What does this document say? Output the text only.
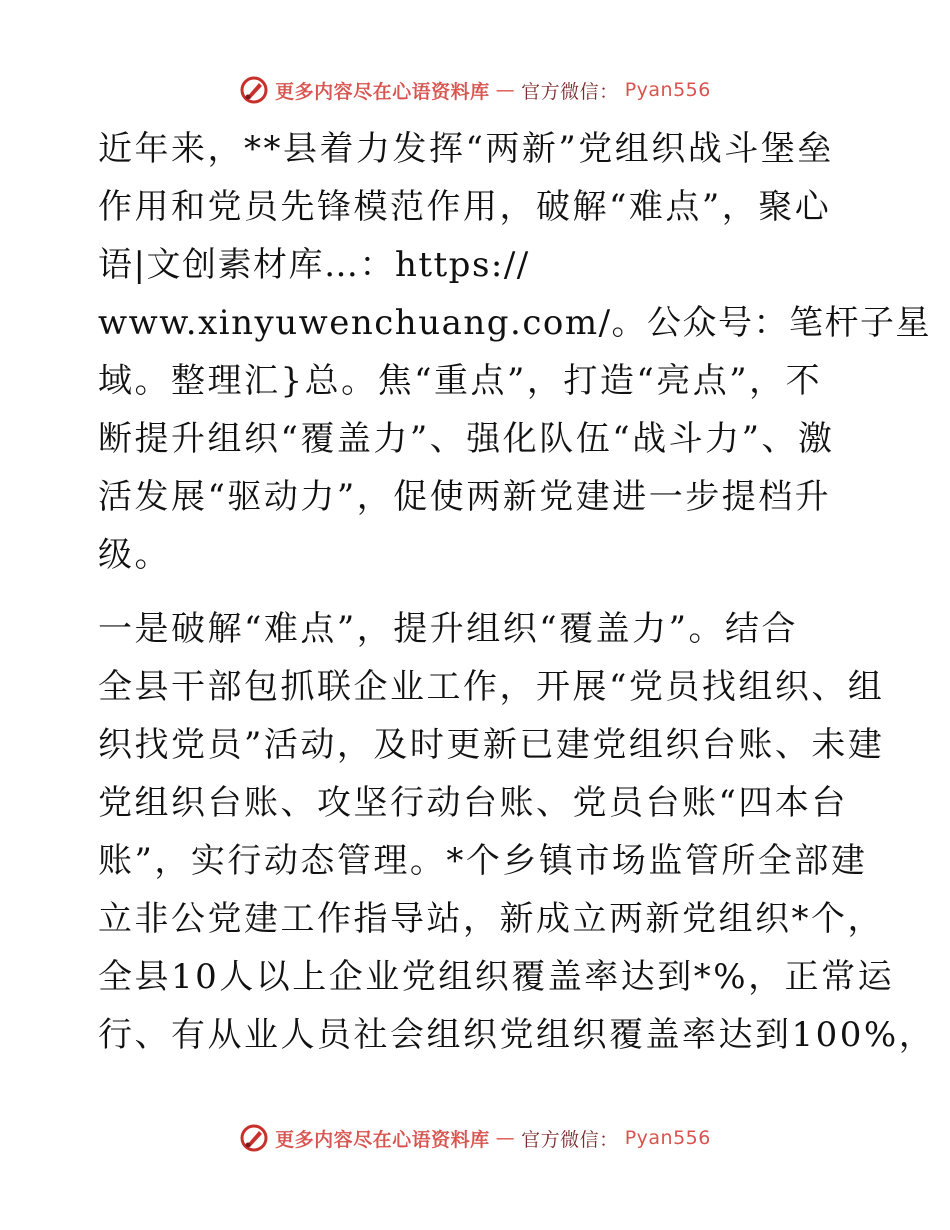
更多内容尽在心语资料库 — 官方微信： Pyan556
近年来，**县着力发挥“两新”党组织战斗堡垒
作用和党员先锋模范作用，破解“难点”，聚心
语|文创素材库…：https://
www.xinyuwenchuang.com/。公众号：笔杆子星
域。整理汇}总。焦“重点”，打造“亮点”，不
断提升组织“覆盖力”、强化队伍“战斗力”、激
活发展“驱动力”，促使两新党建进一步提档升
级。
一是破解“难点”，提升组织“覆盖力”。结合
全县干部包抓联企业工作，开展“党员找组织、组
织找党员”活动，及时更新已建党组织台账、未建
党组织台账、攻坚行动台账、党员台账“四本台
账”，实行动态管理。*个乡镇市场监管所全部建
立非公党建工作指导站，新成立两新党组织*个，
全县10人以上企业党组织覆盖率达到*%，正常运
行、有从业人员社会组织党组织覆盖率达到100%，
更多内容尽在心语资料库 — 官方微信： Pyan556
